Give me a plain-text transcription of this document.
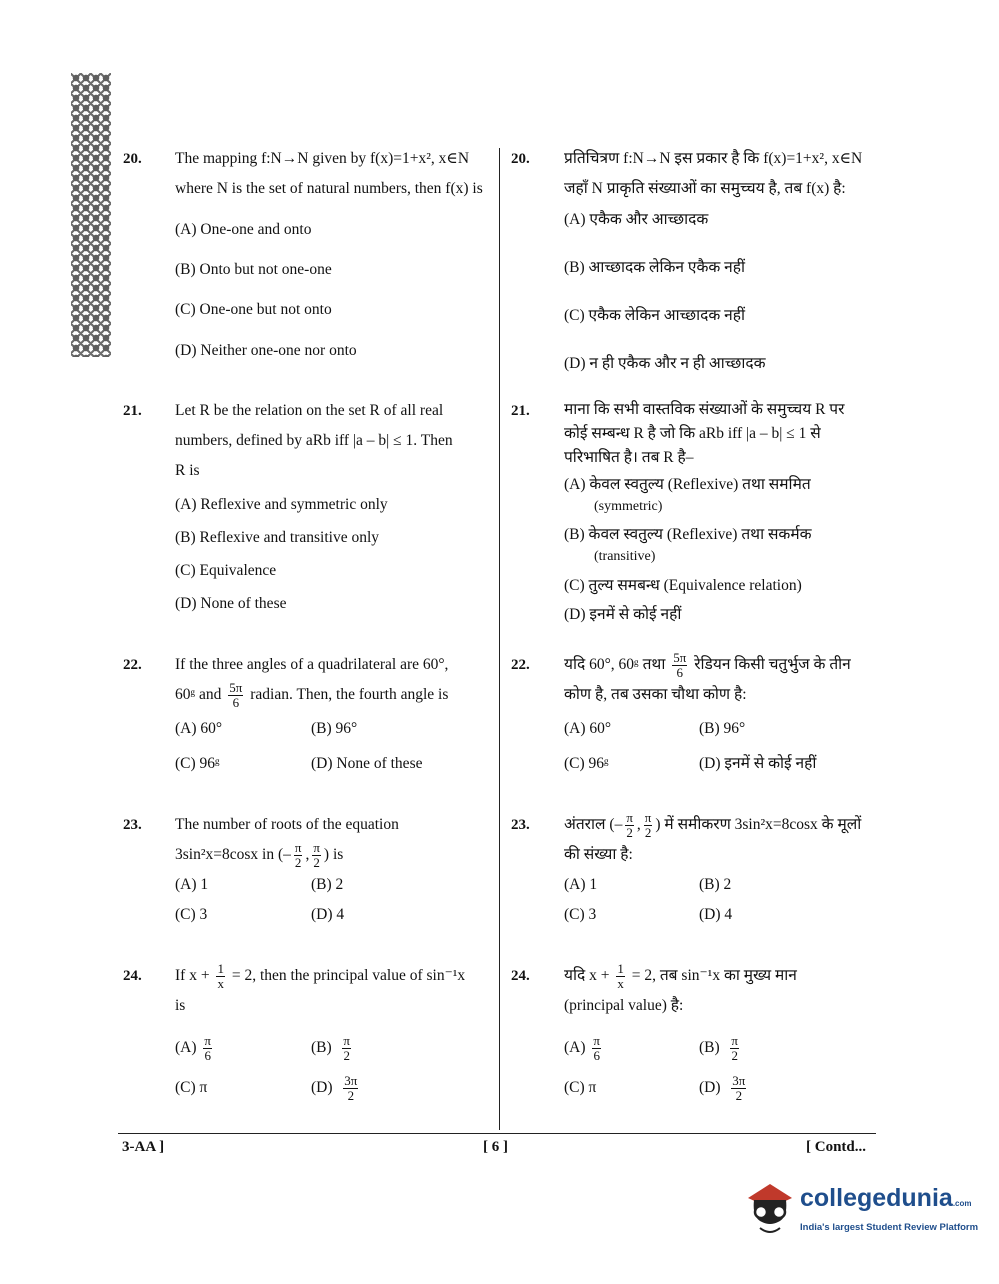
20. The mapping f:N→N given by f(x)=1+x², x∈N
where N is the set of natural numbers, then f(x) is
(A) One-one and onto
(B) Onto but not one-one
(C) One-one but not onto
(D) Neither one-one nor onto
20. प्रतिचित्रण f:N→N इस प्रकार है कि f(x)=1+x², x∈N
जहाँ N प्राकृति संख्याओं का समुच्चय है, तब f(x) है:
(A) एकैक और आच्छादक
(B) आच्छादक लेकिन एकैक नहीं
(C) एकैक लेकिन आच्छादक नहीं
(D) न ही एकैक और न ही आच्छादक
21. Let R be the relation on the set R of all real
numbers, defined by aRb iff |a – b| ≤ 1. Then
R is
(A) Reflexive and symmetric only
(B) Reflexive and transitive only
(C) Equivalence
(D) None of these
21. माना कि सभी वास्तविक संख्याओं के समुच्चय R पर
कोई सम्बन्ध R है जो कि aRb iff |a – b| ≤ 1 से
परिभाषित है। तब R है–
(A) केवल स्वतुल्य (Reflexive) तथा सममित
(symmetric)
(B) केवल स्वतुल्य (Reflexive) तथा सकर्मक
(transitive)
(C) तुल्य समबन्ध (Equivalence relation)
(D) इनमें से कोई नहीं
22. If the three angles of a quadrilateral are 60°,
60ᵍ and $\frac{5\pi}{6}$ radian. Then, the fourth angle is
(A) 60°	(B) 96°
(C) 96ᵍ	(D) None of these
22. यदि 60°, 60ᵍ तथा $\frac{5\pi}{6}$ रेडियन किसी चतुर्भुज के तीन
कोण है, तब उसका चौथा कोण है:
(A) 60°	(B) 96°
(C) 96ᵍ	(D) इनमें से कोई नहीं
23. The number of roots of the equation
3sin²x=8cosx in (– $\frac{\pi}{2}$ , $\frac{\pi}{2}$ ) is
(A) 1	(B) 2
(C) 3	(D) 4
23. अंतराल (– $\frac{\pi}{2}$ , $\frac{\pi}{2}$ ) में समीकरण 3sin²x=8cosx के मूलों
की संख्या है:
(A) 1	(B) 2
(C) 3	(D) 4
24. If $x + \frac{1}{x} = 2$, then the principal value of sin⁻¹x
is
$(A) \frac{\pi}{6}$	$(B) \frac{\pi}{2}$
(C) π	$(D) \frac{3\pi}{2}$
24. यदि $x + \frac{1}{x} = 2$, तब sin⁻¹x का मुख्य मान
(principal value) है:
$(A) \frac{\pi}{6}$	$(B) \frac{\pi}{2}$
(C) π	$(D) \frac{3\pi}{2}$
3-AA ]	[ 6 ]	[ Contd...
collegedunia.com
India's largest Student Review Platform
